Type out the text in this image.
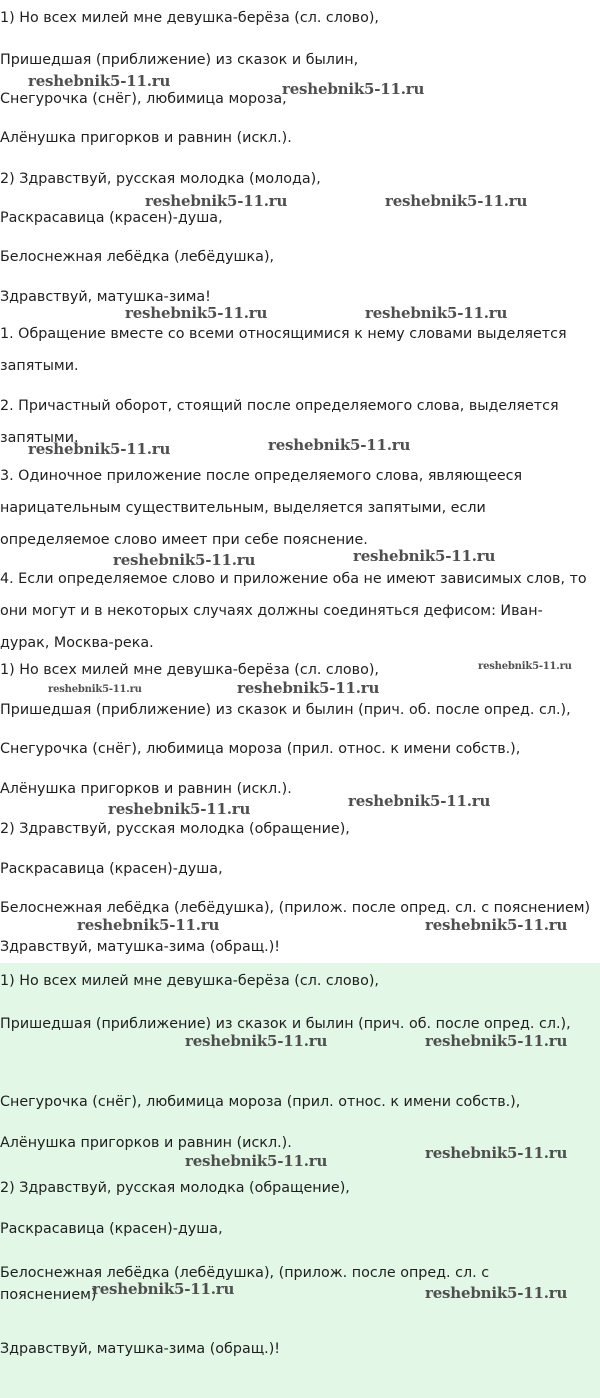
1) Но всех милей мне девушка-берёза (сл. слово),
Пришедшая (приближение) из сказок и былин,
Снегурочка (снёг), любимица мороза,
Алёнушка пригорков и равнин (искл.).
2) Здравствуй, русская молодка (молода),
Раскрасавица (красен)-душа,
Белоснежная лебёдка (лебёдушка),
Здравствуй, матушка-зима!
1. Обращение вместе со всеми относящимися к нему словами выделяется запятыми.
2. Причастный оборот, стоящий после определяемого слова, выделяется запятыми.
3. Одиночное приложение после определяемого слова, являющееся нарицательным существительным, выделяется запятыми, если определяемое слово имеет при себе пояснение.
4. Если определяемое слово и приложение оба не имеют зависимых слов, то они могут и в некоторых случаях должны соединяться дефисом: Иван-дурак, Москва-река.
1) Но всех милей мне девушка-берёза (сл. слово),
Пришедшая (приближение) из сказок и былин (прич. об. после опред. сл.),
Снегурочка (снёг), любимица мороза (прил. относ. к имени собств.),
Алёнушка пригорков и равнин (искл.).
2) Здравствуй, русская молодка (обращение),
Раскрасавица (красен)-душа,
Белоснежная лебёдка (лебёдушка), (прилож. после опред. сл. с пояснением)
Здравствуй, матушка-зима (обращ.)!
1) Но всех милей мне девушка-берёза (сл. слово),
Пришедшая (приближение) из сказок и былин (прич. об. после опред. сл.),
Снегурочка (снёг), любимица мороза (прил. относ. к имени собств.),
Алёнушка пригорков и равнин (искл.).
2) Здравствуй, русская молодка (обращение),
Раскрасавица (красен)-душа,
Белоснежная лебёдка (лебёдушка), (прилож. после опред. сл. с пояснением)
Здравствуй, матушка-зима (обращ.)!
reshebnik5-11.ru	reshebnik5-11.ru
reshebnik5-11.ru	reshebnik5-11.ru
reshebnik5-11.ru	reshebnik5-11.ru
reshebnik5-11.ru	reshebnik5-11.ru
reshebnik5-11.ru	reshebnik5-11.ru
reshebnik5-11.ru
reshebnik5-11.ru	reshebnik5-11.ru
reshebnik5-11.ru	reshebnik5-11.ru
reshebnik5-11.ru	reshebnik5-11.ru
reshebnik5-11.ru	reshebnik5-11.ru
reshebnik5-11.ru	reshebnik5-11.ru
reshebnik5-11.ru	reshebnik5-11.ru
